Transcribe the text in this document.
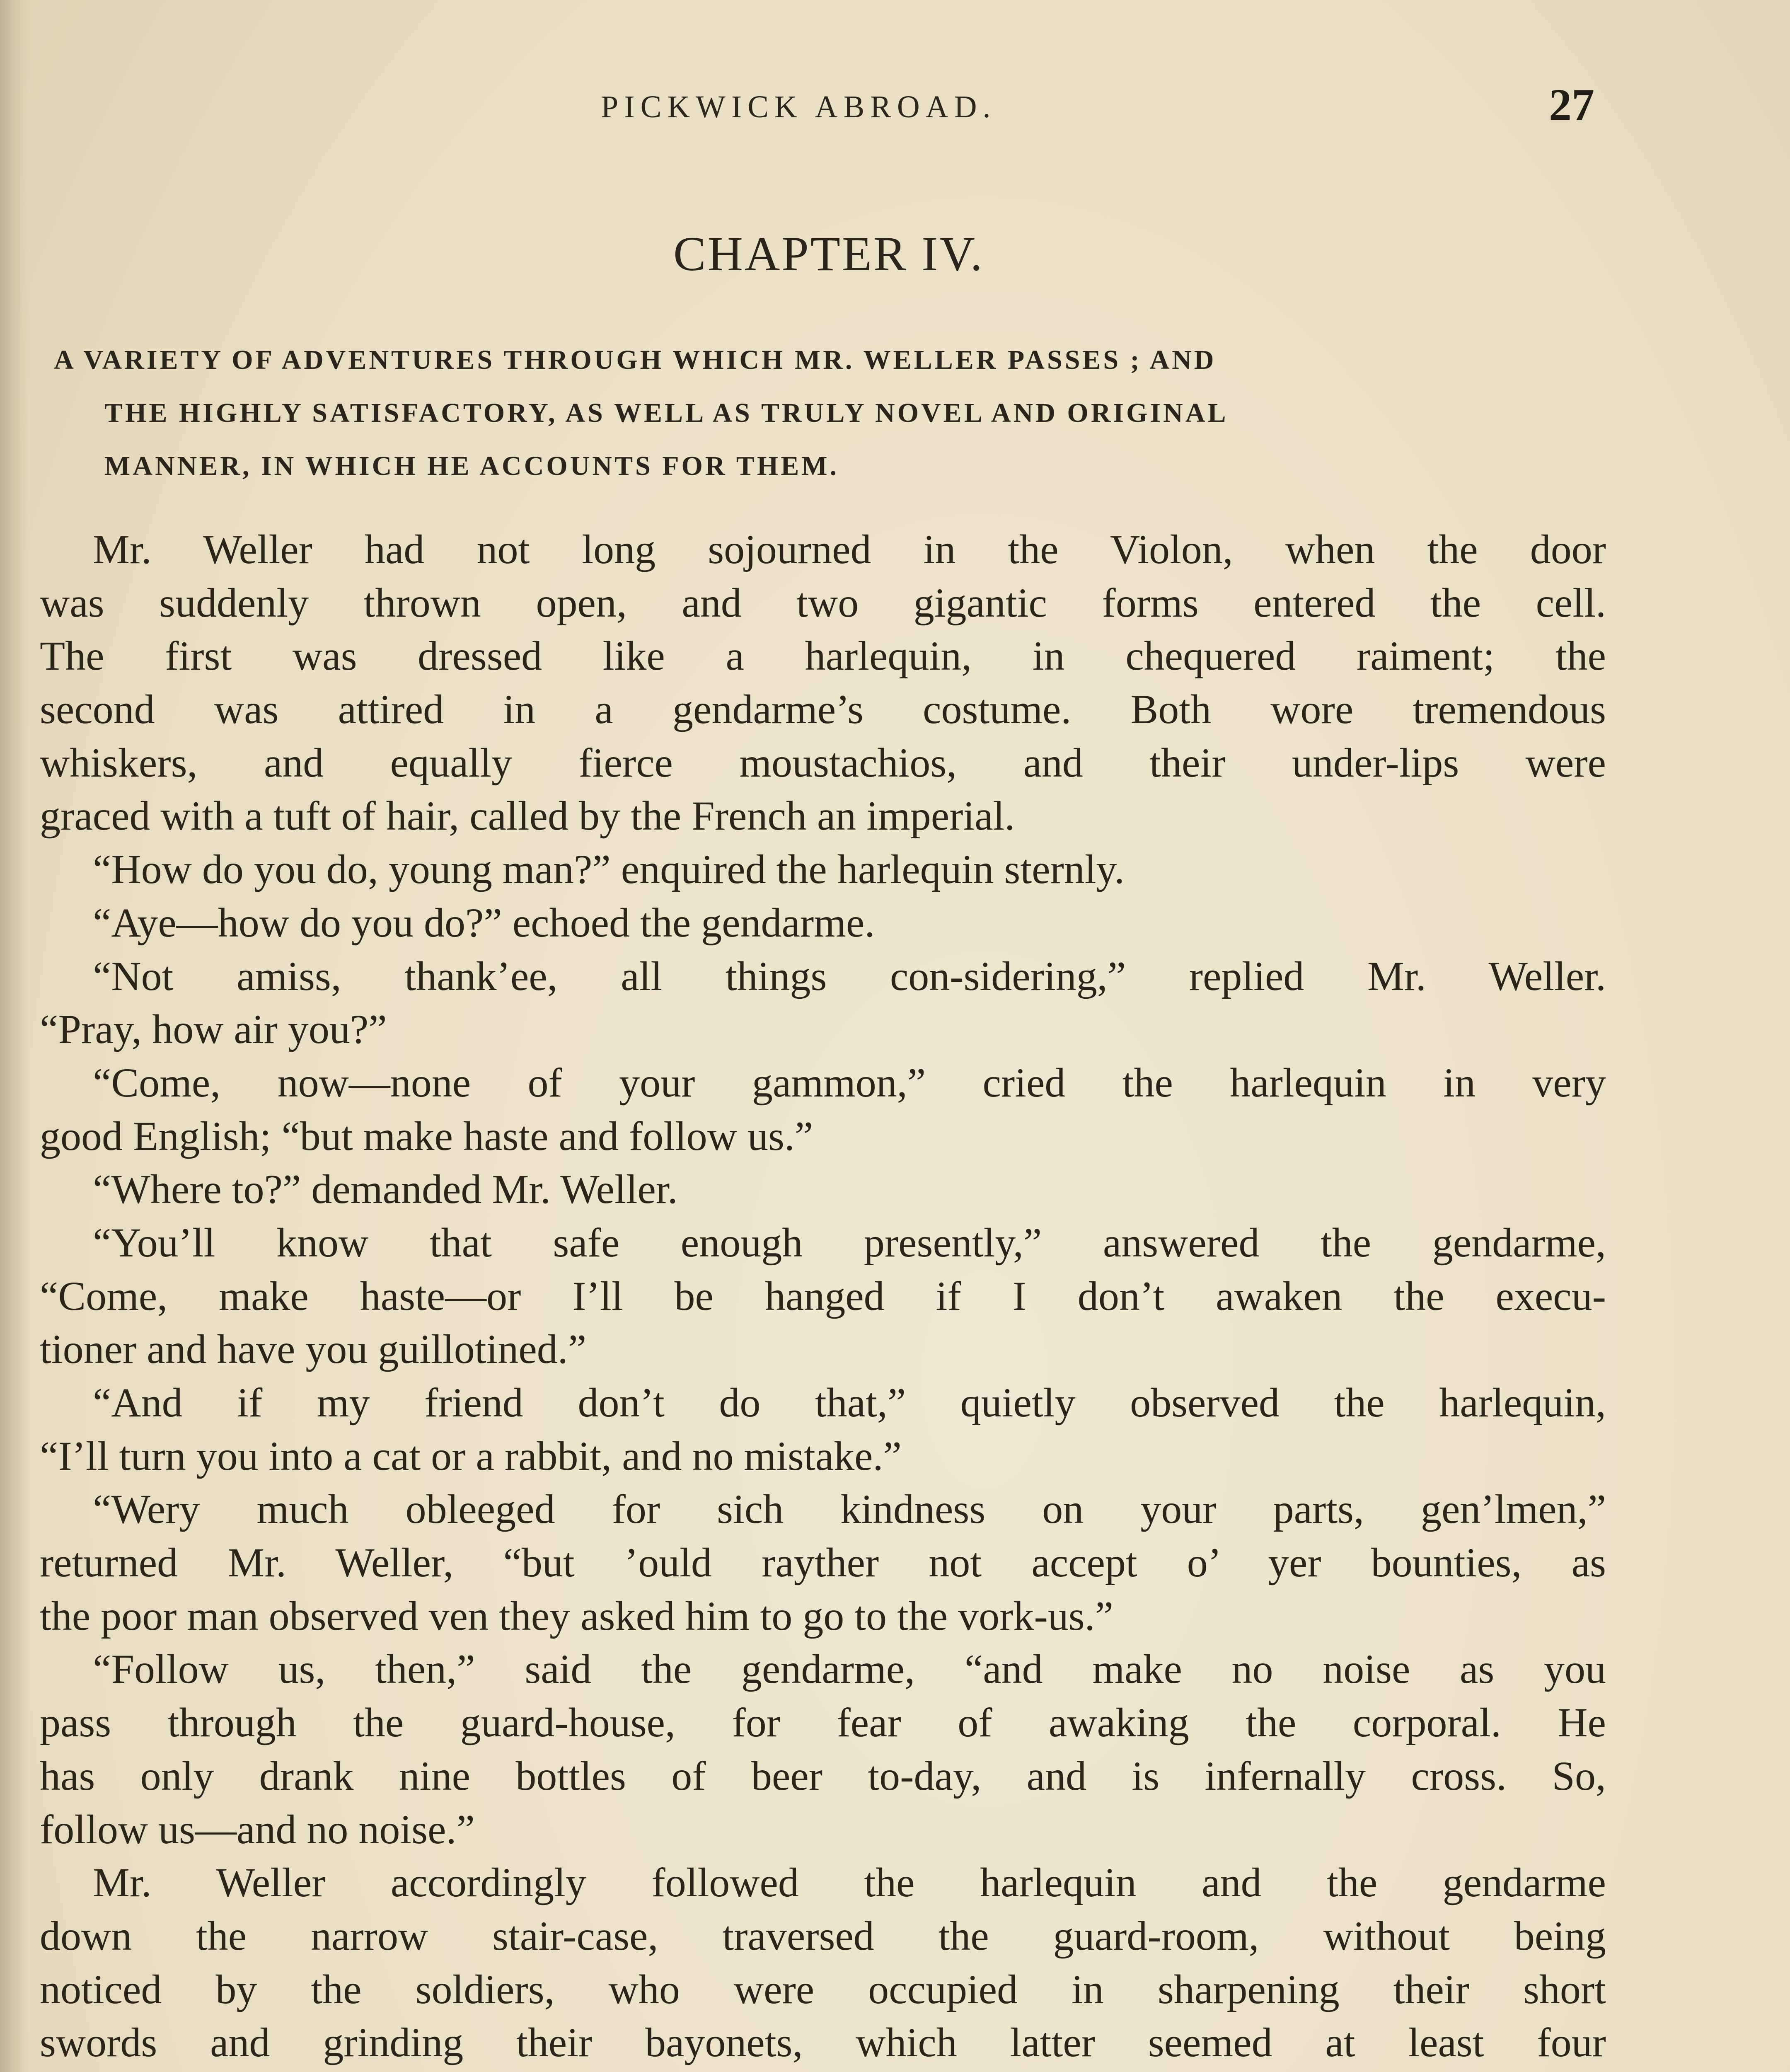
PICKWICK ABROAD.	27
CHAPTER IV.
A VARIETY OF ADVENTURES THROUGH WHICH MR. WELLER PASSES ; AND
THE HIGHLY SATISFACTORY, AS WELL AS TRULY NOVEL AND ORIGINAL
MANNER, IN WHICH HE ACCOUNTS FOR THEM.
Mr. Weller had not long sojourned in the Violon, when the door
was suddenly thrown open, and two gigantic forms entered the cell.
The first was dressed like a harlequin, in chequered raiment; the
second was attired in a gendarme’s costume. Both wore tremendous
whiskers, and equally fierce moustachios, and their under-lips were
graced with a tuft of hair, called by the French an imperial.
“How do you do, young man?” enquired the harlequin sternly.
“Aye—how do you do?” echoed the gendarme.
“Not amiss, thank’ee, all things con-sidering,” replied Mr. Weller.
“Pray, how air you?”
“Come, now—none of your gammon,” cried the harlequin in very
good English; “but make haste and follow us.”
“Where to?” demanded Mr. Weller.
“You’ll know that safe enough presently,” answered the gendarme,
“Come, make haste—or I’ll be hanged if I don’t awaken the execu-
tioner and have you guillotined.”
“And if my friend don’t do that,” quietly observed the harlequin,
“I’ll turn you into a cat or a rabbit, and no mistake.”
“Wery much obleeged for sich kindness on your parts, gen’lmen,”
returned Mr. Weller, “but ’ould rayther not accept o’ yer bounties, as
the poor man observed ven they asked him to go to the vork-us.”
“Follow us, then,” said the gendarme, “and make no noise as you
pass through the guard-house, for fear of awaking the corporal. He
has only drank nine bottles of beer to-day, and is infernally cross. So,
follow us—and no noise.”
Mr. Weller accordingly followed the harlequin and the gendarme
down the narrow stair-case, traversed the guard-room, without being
noticed by the soldiers, who were occupied in sharpening their short
swords and grinding their bayonets, which latter seemed at least four
